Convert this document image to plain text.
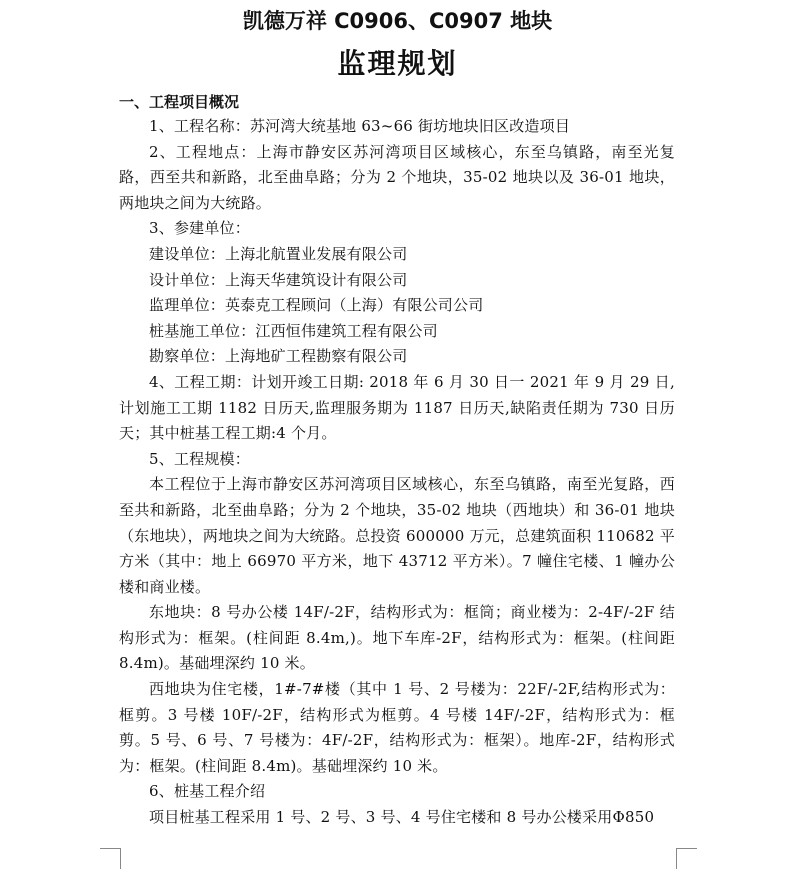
凯德万祥 C0906、C0907 地块
监理规划
一、工程项目概况

1、工程名称：苏河湾大统基地 63~66 街坊地块旧区改造项目

2、工程地点：上海市静安区苏河湾项目区域核心，东至乌镇路，南至光复路，西至共和新路，北至曲阜路；分为 2 个地块，35-02 地块以及 36-01 地块，两地块之间为大统路。

3、参建单位：

建设单位：上海北航置业发展有限公司

设计单位：上海天华建筑设计有限公司

监理单位：英泰克工程顾问（上海）有限公司公司

桩基施工单位：江西恒伟建筑工程有限公司

勘察单位：上海地矿工程勘察有限公司

4、工程工期：计划开竣工日期: 2018 年 6 月 30 日一 2021 年 9 月 29 日,计划施工工期 1182 日历天,监理服务期为 1187 日历天,缺陷责任期为 730 日历天；其中桩基工程工期:4 个月。

5、工程规模：

本工程位于上海市静安区苏河湾项目区域核心，东至乌镇路，南至光复路，西至共和新路，北至曲阜路；分为 2 个地块，35-02 地块（西地块）和 36-01 地块（东地块），两地块之间为大统路。总投资 600000 万元，总建筑面积 110682 平方米（其中：地上 66970 平方米，地下 43712 平方米）。7 幢住宅楼、1 幢办公楼和商业楼。

东地块：8 号办公楼 14F/-2F，结构形式为：框筒；商业楼为：2-4F/-2F 结构形式为：框架。(柱间距 8.4m,)。地下车库-2F，结构形式为：框架。(柱间距 8.4m)。基础埋深约 10 米。

西地块为住宅楼，1#-7#楼（其中 1 号、2 号楼为：22F/-2F,结构形式为：框剪。3 号楼 10F/-2F，结构形式为框剪。4 号楼 14F/-2F，结构形式为：框剪。5 号、6 号、7 号楼为：4F/-2F，结构形式为：框架）。地库-2F，结构形式为：框架。(柱间距 8.4m)。基础埋深约 10 米。

6、桩基工程介绍

项目桩基工程采用 1 号、2 号、3 号、4 号住宅楼和 8 号办公楼采用Φ850
